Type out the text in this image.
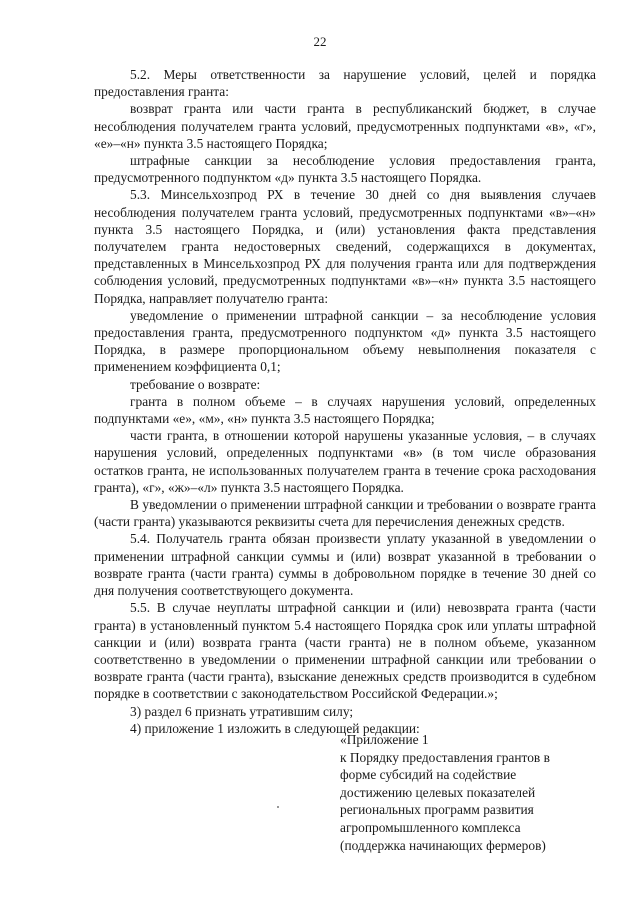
22

5.2. Меры ответственности за нарушение условий, целей и порядка предоставления гранта:

возврат гранта или части гранта в республиканский бюджет, в случае несоблюдения получателем гранта условий, предусмотренных подпунктами «в», «г», «е»–«н» пункта 3.5 настоящего Порядка;

штрафные санкции за несоблюдение условия предоставления гранта, предусмотренного подпунктом «д» пункта 3.5 настоящего Порядка.

5.3. Минсельхозпрод РХ в течение 30 дней со дня выявления случаев несоблюдения получателем гранта условий, предусмотренных подпунктами «в»–«н» пункта 3.5 настоящего Порядка, и (или) установления факта представления получателем гранта недостоверных сведений, содержащихся в документах, представленных в Минсельхозпрод РХ для получения гранта или для подтверждения соблюдения условий, предусмотренных подпунктами «в»–«н» пункта 3.5 настоящего Порядка, направляет получателю гранта:

уведомление о применении штрафной санкции – за несоблюдение условия предоставления гранта, предусмотренного подпунктом «д» пункта 3.5 настоящего Порядка, в размере пропорциональном объему невыполнения показателя с применением коэффициента 0,1;

требование о возврате:

гранта в полном объеме – в случаях нарушения условий, определенных подпунктами «е», «м», «н» пункта 3.5 настоящего Порядка;

части гранта, в отношении которой нарушены указанные условия, – в случаях нарушения условий, определенных подпунктами «в» (в том числе образования остатков гранта, не использованных получателем гранта в течение срока расходования гранта), «г», «ж»–«л» пункта 3.5 настоящего Порядка.

В уведомлении о применении штрафной санкции и требовании о возврате гранта (части гранта) указываются реквизиты счета для перечисления денежных средств.

5.4. Получатель гранта обязан произвести уплату указанной в уведомлении о применении штрафной санкции суммы и (или) возврат указанной в требовании о возврате гранта (части гранта) суммы в добровольном порядке в течение 30 дней со дня получения соответствующего документа.

5.5. В случае неуплаты штрафной санкции и (или) невозврата гранта (части гранта) в установленный пунктом 5.4 настоящего Порядка срок или уплаты штрафной санкции и (или) возврата гранта (части гранта) не в полном объеме, указанном соответственно в уведомлении о применении штрафной санкции или требовании о возврате гранта (части гранта), взыскание денежных средств производится в судебном порядке в соответствии с законодательством Российской Федерации.»;

3) раздел 6 признать утратившим силу;

4) приложение 1 изложить в следующей редакции:

«Приложение 1
к Порядку предоставления грантов в
форме субсидий на содействие
достижению целевых показателей
региональных программ развития
агропромышленного комплекса
(поддержка начинающих фермеров)
